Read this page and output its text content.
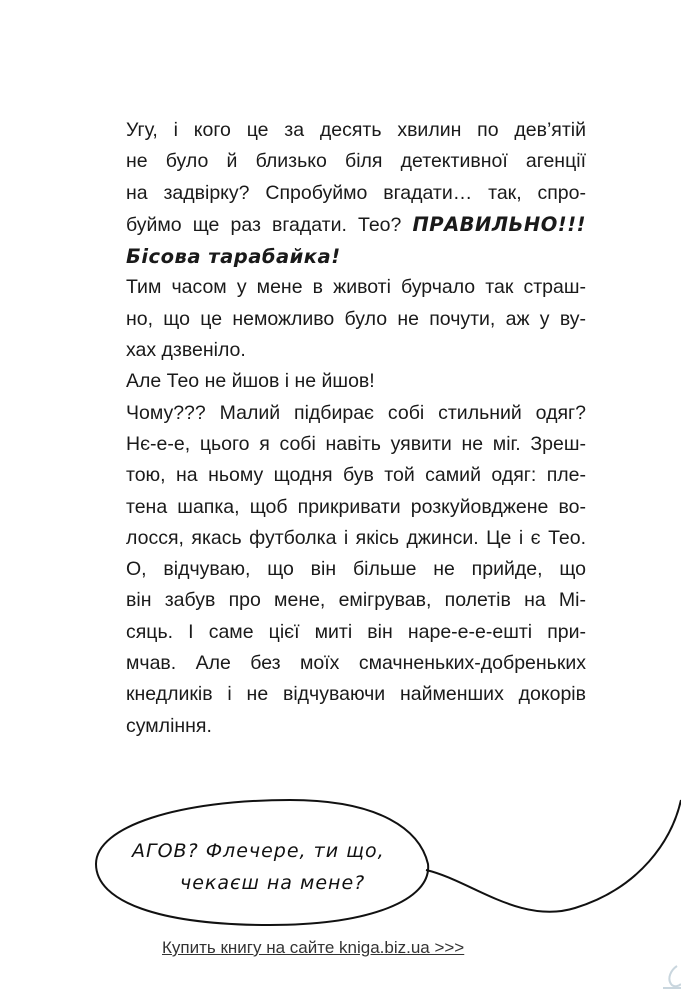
Угу, і кого це за десять хвилин по дев’ятій
не було й близько біля детективної агенції
на задвірку? Спробуймо вгадати… так, спро-
буймо ще раз вгадати. Тео? ПРАВИЛЬНО!!!
Бісова тарабайка!
Тим часом у мене в животі бурчало так страш-
но, що це неможливо було не почути, аж у ву-
хах дзвеніло.
Але Тео не йшов і не йшов!
Чому??? Малий підбирає собі стильний одяг?
Нє-е-е, цього я собі навіть уявити не міг. Зреш-
тою, на ньому щодня був той самий одяг: пле-
тена шапка, щоб прикривати розкуйовджене во-
лосся, якась футболка і якісь джинси. Це і є Тео.
О, відчуваю, що він більше не прийде, що
він забув про мене, емігрував, полетів на Мі-
сяць. І саме цієї миті він наре-е-е-ешті при-
мчав. Але без моїх смачненьких-добреньких
кнедликів і не відчуваючи найменших докорів
сумління.
АГОВ? Флечере, ти що,
чекаєш на мене?
Купить книгу на сайте kniga.biz.ua >>>
